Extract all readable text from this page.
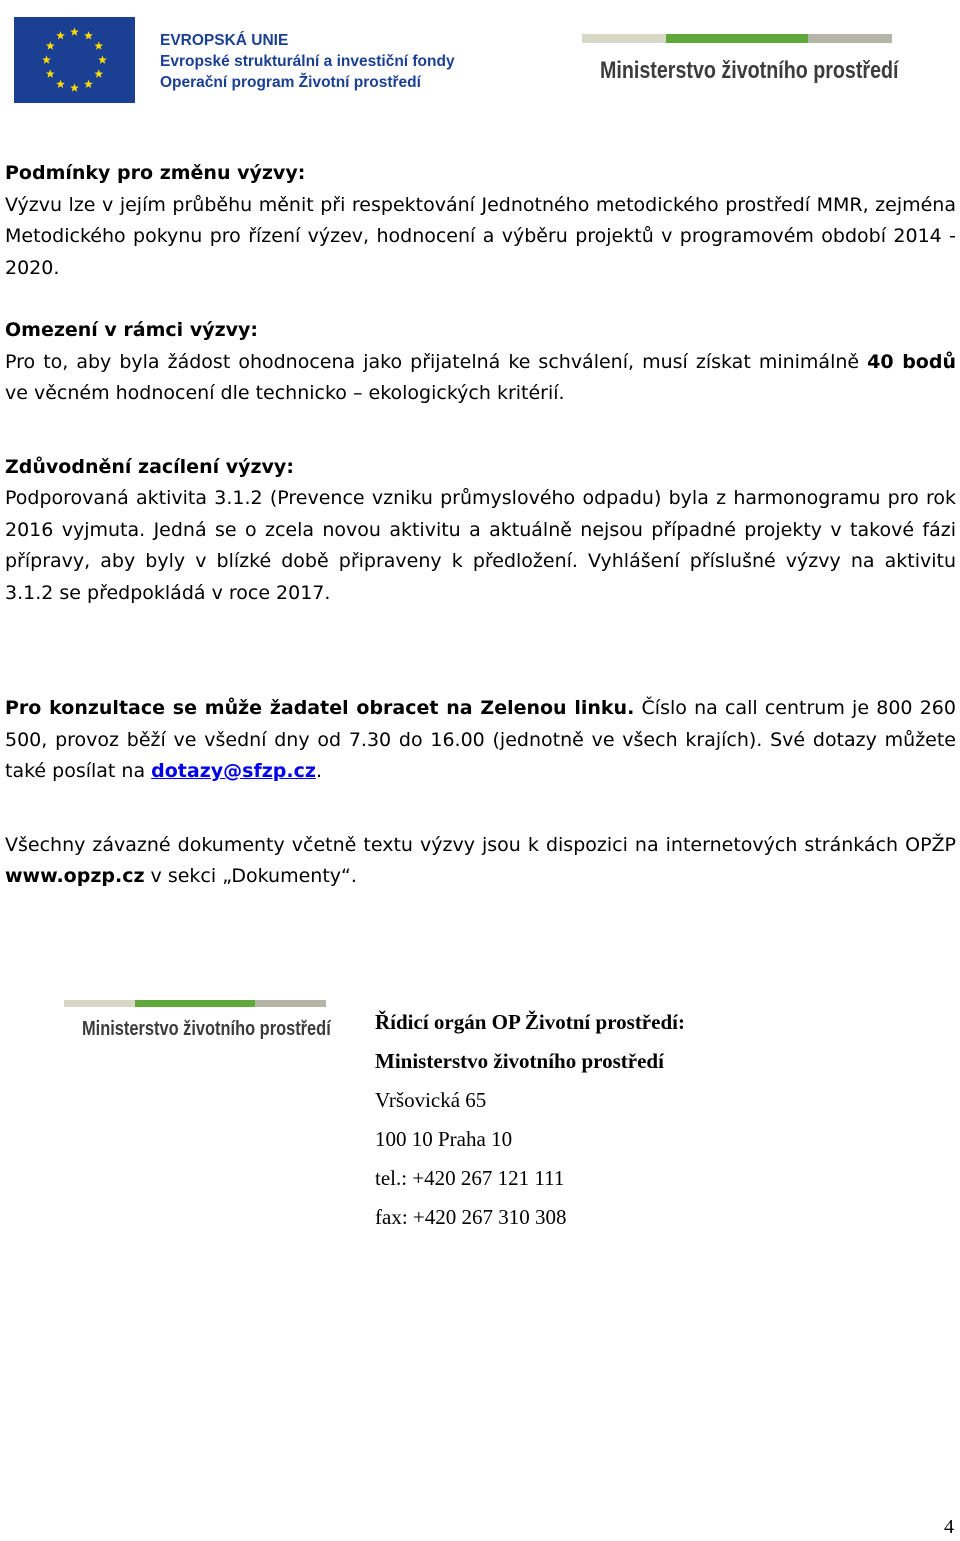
EVROPSKÁ UNIE
Evropské strukturální a investiční fondy
Operační program Životní prostředí	Ministerstvo životního prostředí

Podmínky pro změnu výzvy:

Výzvu lze v jejím průběhu měnit při respektování Jednotného metodického prostředí MMR, zejména Metodického pokynu pro řízení výzev, hodnocení a výběru projektů v programovém období 2014 - 2020.

Omezení v rámci výzvy:

Pro to, aby byla žádost ohodnocena jako přijatelná ke schválení, musí získat minimálně 40 bodů ve věcném hodnocení dle technicko – ekologických kritérií.

Zdůvodnění zacílení výzvy:

Podporovaná aktivita 3.1.2 (Prevence vzniku průmyslového odpadu) byla z harmonogramu pro rok 2016 vyjmuta. Jedná se o zcela novou aktivitu a aktuálně nejsou případné projekty v takové fázi přípravy, aby byly v blízké době připraveny k předložení. Vyhlášení příslušné výzvy na aktivitu 3.1.2 se předpokládá v roce 2017.

Pro konzultace se může žadatel obracet na Zelenou linku. Číslo na call centrum je 800 260 500, provoz běží ve všední dny od 7.30 do 16.00 (jednotně ve všech krajích). Své dotazy můžete také posílat na dotazy@sfzp.cz.

Všechny závazné dokumenty včetně textu výzvy jsou k dispozici na internetových stránkách OPŽP www.opzp.cz v sekci „Dokumenty“.

Ministerstvo životního prostředí Řídicí orgán OP Životní prostředí:
Ministerstvo životního prostředí
Vršovická 65
100 10 Praha 10
tel.: +420 267 121 111
fax: +420 267 310 308
4
